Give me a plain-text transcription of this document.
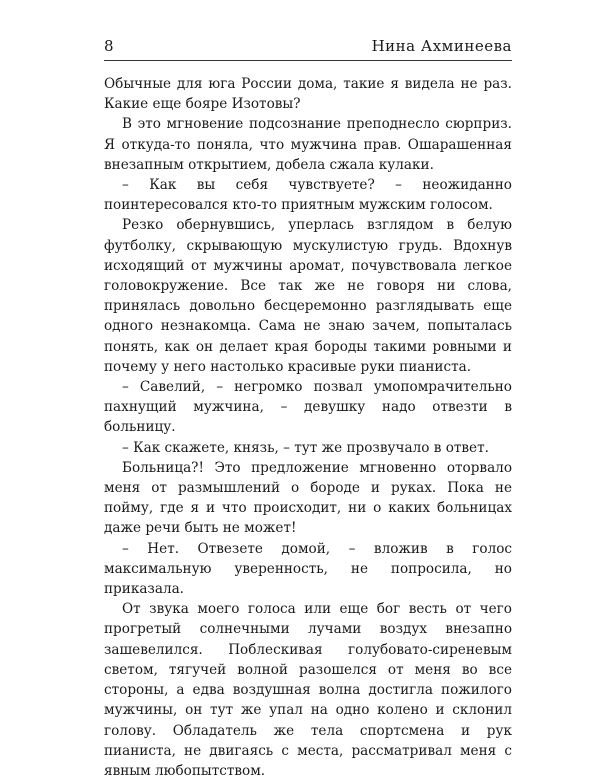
8	Нина Ахминеева

Обычные для юга России дома, такие я видела не раз. Какие еще бояре Изотовы?

В это мгновение подсознание преподнесло сюрприз. Я откуда-то поняла, что мужчина прав. Ошарашенная внезапным открытием, добела сжала кулаки.

– Как вы себя чувствуете? – неожиданно поинтересовался кто-то приятным мужским голосом.

Резко обернувшись, уперлась взглядом в белую футболку, скрывающую мускулистую грудь. Вдохнув исходящий от мужчины аромат, почувствовала легкое головокружение. Все так же не говоря ни слова, принялась довольно бесцеремонно разглядывать еще одного незнакомца. Сама не знаю зачем, попыталась понять, как он делает края бороды такими ровными и почему у него настолько красивые руки пианиста.

– Савелий, – негромко позвал умопомрачительно пахнущий мужчина, – девушку надо отвезти в больницу.

– Как скажете, князь, – тут же прозвучало в ответ.

Больница?! Это предложение мгновенно оторвало меня от размышлений о бороде и руках. Пока не пойму, где я и что происходит, ни о каких больницах даже речи быть не может!

– Нет. Отвезете домой, – вложив в голос максимальную уверенность, не попросила, но приказала.

От звука моего голоса или еще бог весть от чего прогретый солнечными лучами воздух внезапно зашевелился. Поблескивая голубовато-сиреневым светом, тягучей волной разошелся от меня во все стороны, а едва воздушная волна достигла пожилого мужчины, он тут же упал на одно колено и склонил голову. Обладатель же тела спортсмена и рук пианиста, не двигаясь с места, рассматривал меня с явным любопытством.
